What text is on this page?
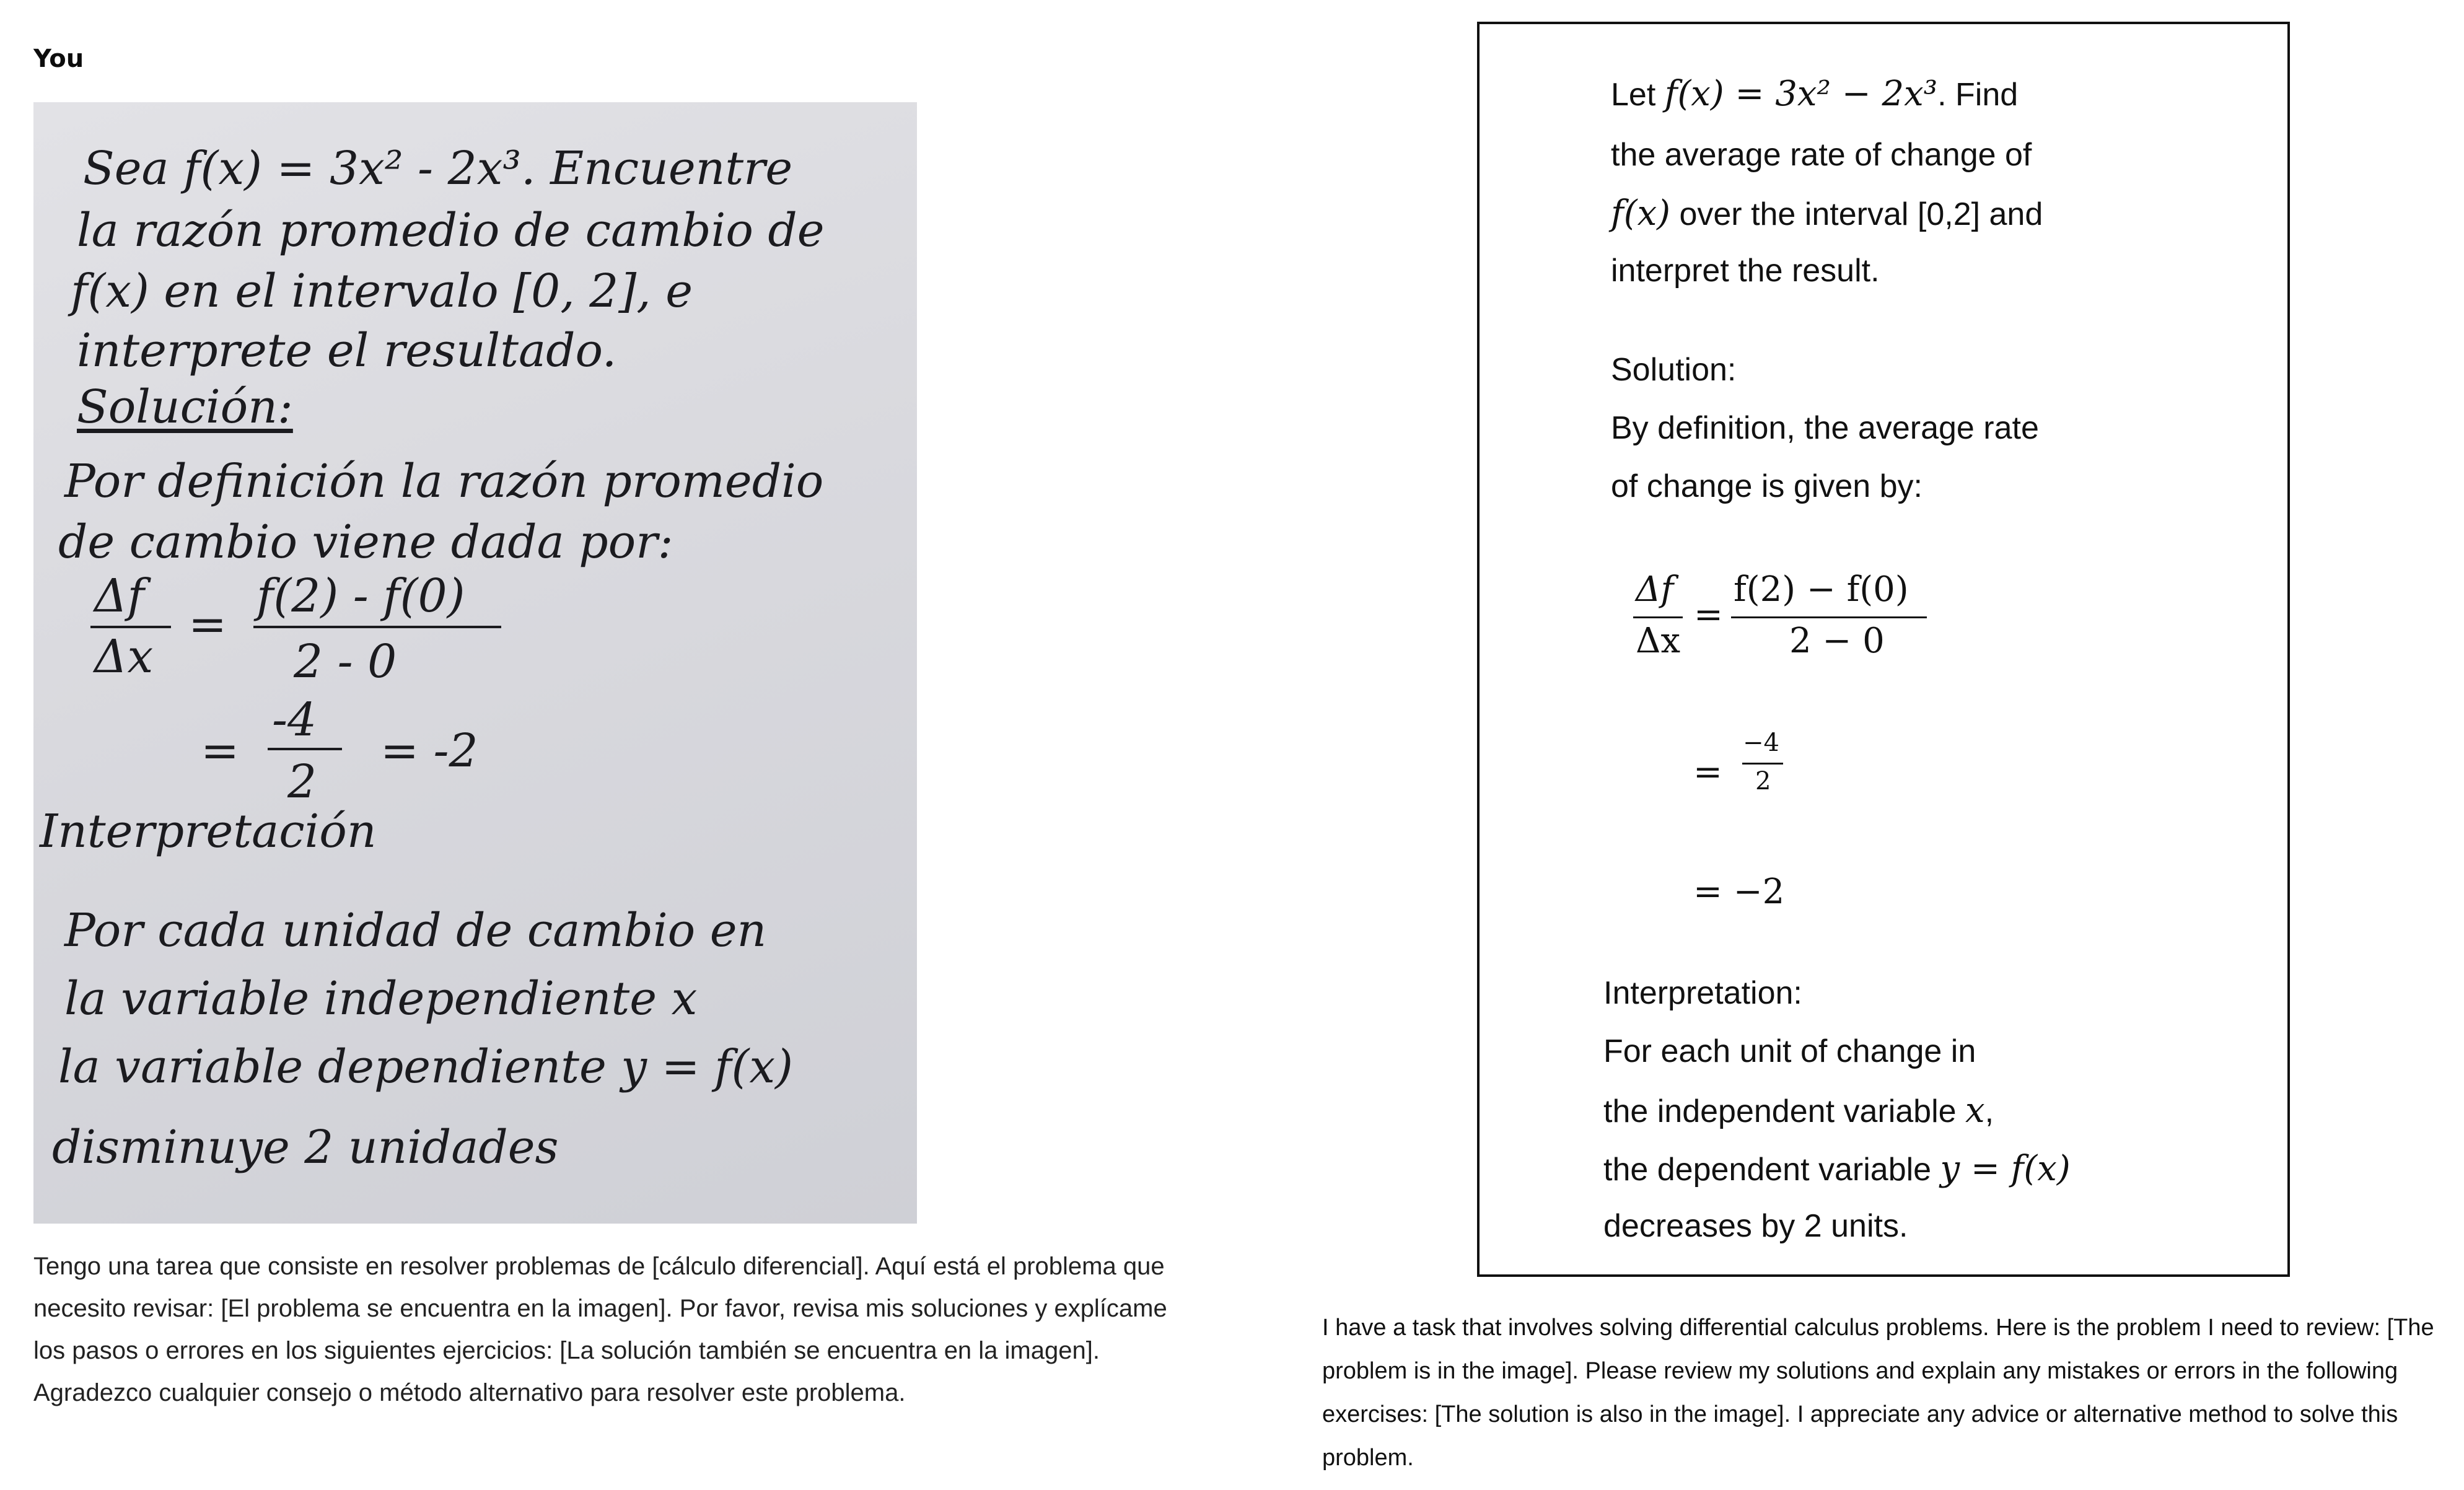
You

Sea f(x) = 3x² - 2x³. Encuentre

la razón promedio de cambio de

f(x) en el intervalo [0, 2], e

interprete el resultado.

Solución:

Por definición la razón promedio

de cambio viene dada por:

Δf
Δx
=
f(2) - f(0)
2 - 0
=
-4
2
= -2

Interpretación

Por cada unidad de cambio en

la variable independiente x

la variable dependiente y = f(x)

disminuye 2 unidades

Tengo una tarea que consiste en resolver problemas de [cálculo diferencial]. Aquí está el problema que necesito revisar: [El problema se encuentra en la imagen]. Por favor, revisa mis soluciones y explícame los pasos o errores en los siguientes ejercicios: [La solución también se encuentra en la imagen]. Agradezco cualquier consejo o método alternativo para resolver este problema.

Let f(x) = 3x² − 2x³. Find

the average rate of change of

f(x) over the interval [0,2] and

interpret the result.

Solution:

By definition, the average rate

of change is given by:

Δf
Δx
=
f(2) − f(0)
2 − 0
=
−4
2
= −2

Interpretation:

For each unit of change in

the independent variable x,

the dependent variable y = f(x)

decreases by 2 units.

I have a task that involves solving differential calculus problems. Here is the problem I need to review: [The problem is in the image]. Please review my solutions and explain any mistakes or errors in the following exercises: [The solution is also in the image]. I appreciate any advice or alternative method to solve this problem.
